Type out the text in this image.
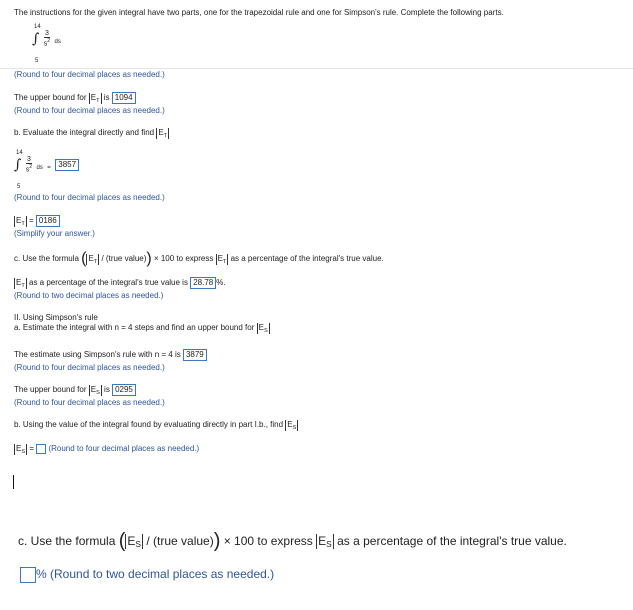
The instructions for the given integral have two parts, one for the trapezoidal rule and one for Simpson's rule. Complete the following parts.
14
∫ $\frac{3}{s^2}$ ds
5
(Round to four decimal places as needed.)
The upper bound for $E_T$ is 1094
(Round to four decimal places as needed.)
b. Evaluate the integral directly and find $E_T$
14
∫ $\frac{3}{s^2}$ ds = 3857
5
(Round to four decimal places as needed.)
$E_T = 0186$
(Simplify your answer.)
c. Use the formula ( $E_T$ / (true value)) × 100 to express $E_T$ as a percentage of the integral's true value.
$E_T$ as a percentage of the integral's true value is 28.78 %.
(Round to two decimal places as needed.)
II. Using Simpson's rule
a. Estimate the integral with n = 4 steps and find an upper bound for $E_S$
The estimate using Simpson's rule with n = 4 is 3879
(Round to four decimal places as needed.)
The upper bound for $E_S$ is 0295
(Round to four decimal places as needed.)
b. Using the value of the integral found by evaluating directly in part I.b., find $E_S$
$E_S$ = (Round to four decimal places as needed.)
c. Use the formula ( $E_S$ / (true value)) × 100 to express $E_S$ as a percentage of the integral's true value.
% (Round to two decimal places as needed.)
